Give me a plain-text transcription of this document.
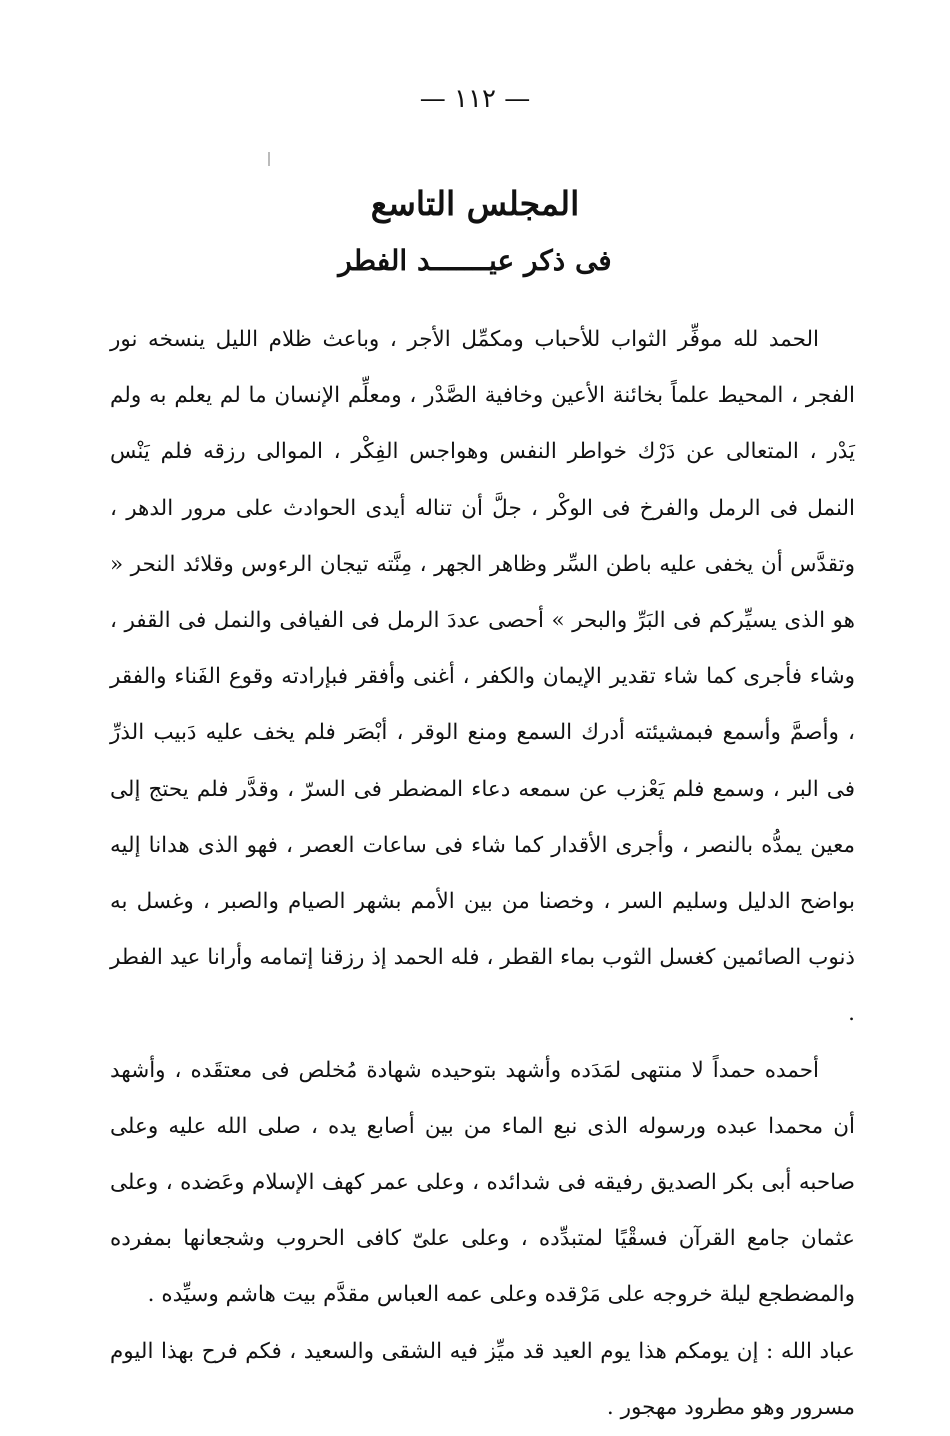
— ١١٢ —
المجلس التاسع
فى ذكر عيـــــــد الفطر

الحمد لله موفِّر الثواب للأحباب ومكمِّل الأجر ، وباعث ظلام الليل ينسخه نور الفجر ، المحيط علماً بخائنة الأعين وخافية الصَّدْر ، ومعلِّم الإنسان ما لم يعلم به ولم يَدْر ، المتعالى عن دَرْك خواطر النفس وهواجس الفِكْر ، الموالى رزقه فلم يَنْس النمل فى الرمل والفرخ فى الوكْر ، جلَّ أن تناله أيدى الحوادث على مرور الدهر ، وتقدَّس أن يخفى عليه باطن السِّر وظاهر الجهر ، مِنَّته تيجان الرءوس وقلائد النحر « هو الذى يسيِّركم فى البَرِّ والبحر » أحصى عددَ الرمل فى الفيافى والنمل فى القفر ، وشاء فأجرى كما شاء تقدير الإيمان والكفر ، أغنى وأفقر فبإرادته وقوع الفَناء والفقر ، وأصمَّ وأسمع فبمشيئته أدرك السمع ومنع الوقر ، أبْصَر فلم يخف عليه دَبيب الذرِّ فى البر ، وسمع فلم يَعْزب عن سمعه دعاء المضطر فى السرّ ، وقدَّر فلم يحتج إلى معين يمدُّه بالنصر ، وأجرى الأقدار كما شاء فى ساعات العصر ، فهو الذى هدانا إليه بواضح الدليل وسليم السر ، وخصنا من بين الأمم بشهر الصيام والصبر ، وغسل به ذنوب الصائمين كغسل الثوب بماء القطر ، فله الحمد إذ رزقنا إتمامه وأرانا عيد الفطر .

أحمده حمداً لا منتهى لمَدَده وأشهد بتوحيده شهادة مُخلص فى معتقَده ، وأشهد أن محمدا عبده ورسوله الذى نبع الماء من بين أصابع يده ، صلى الله عليه وعلى صاحبه أبى بكر الصديق رفيقه فى شدائده ، وعلى عمر كهف الإسلام وعَضده ، وعلى عثمان جامع القرآن فسقْيًا لمتبدِّده ، وعلى علىّ كافى الحروب وشجعانها بمفرده والمضطجع ليلة خروجه على مَرْقده وعلى عمه العباس مقدَّم بيت هاشم وسيِّده .

عباد الله : إن يومكم هذا يوم العيد قد ميِّز فيه الشقى والسعيد ، فكم فرح بهذا اليوم مسرور وهو مطرود مهجور .
